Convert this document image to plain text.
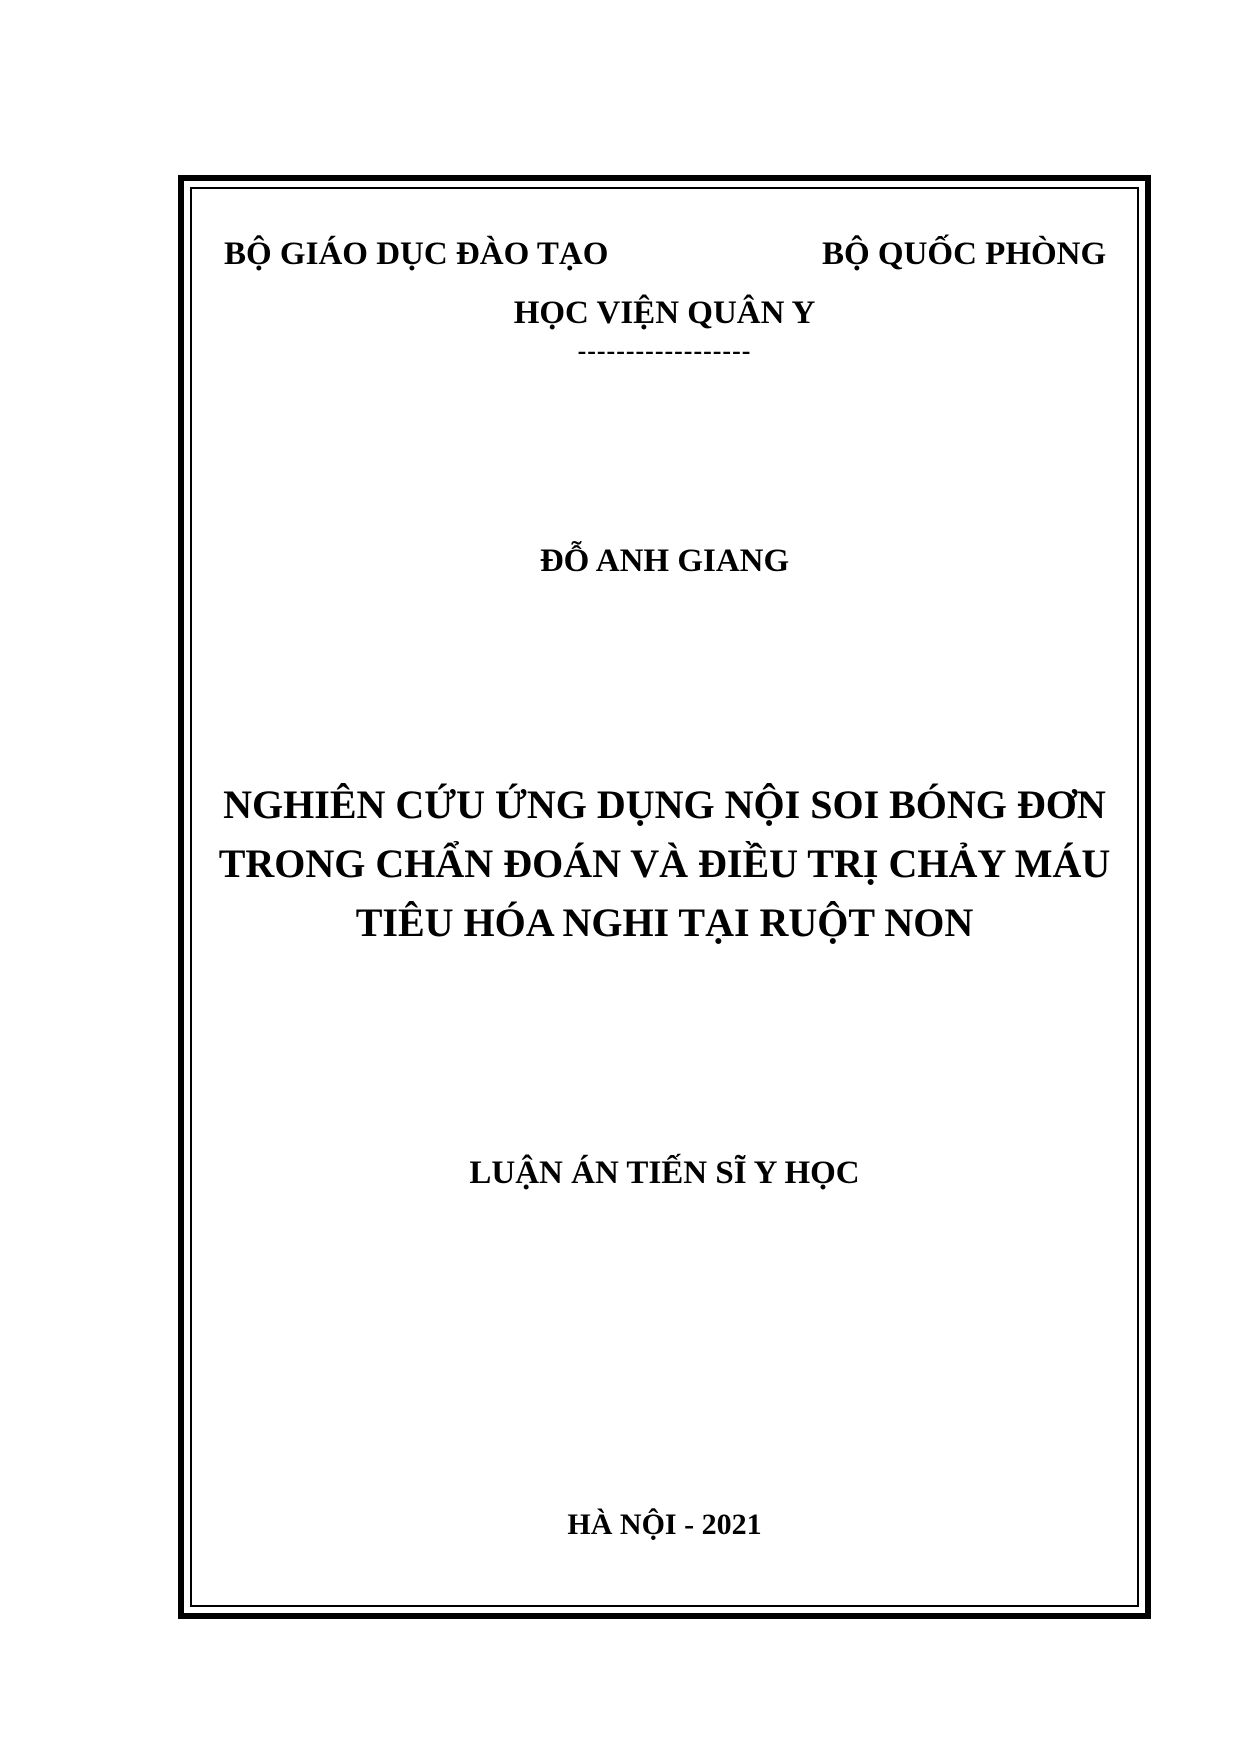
BỘ GIÁO DỤC ĐÀO TẠO	BỘ QUỐC PHÒNG
HỌC VIỆN QUÂN Y
------------------
ĐỖ ANH GIANG
NGHIÊN CỨU ỨNG DỤNG NỘI SOI BÓNG ĐƠN
TRONG CHẨN ĐOÁN VÀ ĐIỀU TRỊ CHẢY MÁU
TIÊU HÓA NGHI TẠI RUỘT NON
LUẬN ÁN TIẾN SĨ Y HỌC
HÀ NỘI - 2021
